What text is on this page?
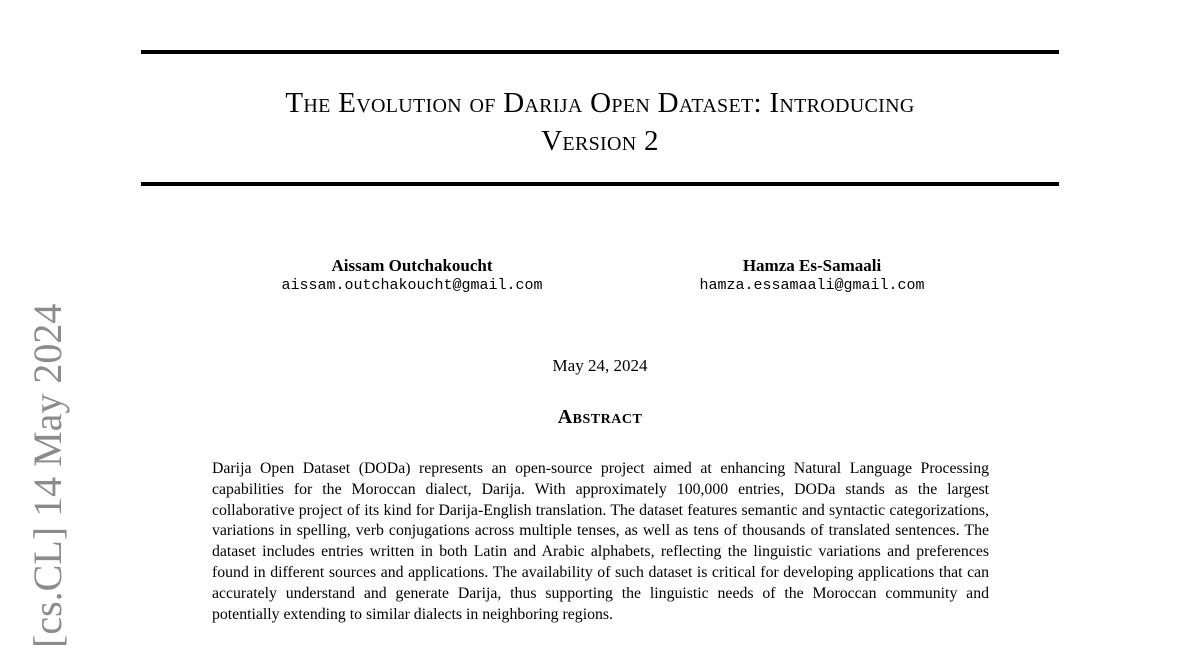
[cs.CL] 14 May 2024
The Evolution of Darija Open Dataset: Introducing
Version 2
Aissam Outchakoucht
aissam.outchakoucht@gmail.com
Hamza Es-Samaali
hamza.essamaali@gmail.com
May 24, 2024
Abstract

Darija Open Dataset (DODa) represents an open-source project aimed at enhancing Natural Language Processing capabilities for the Moroccan dialect, Darija. With approximately 100,000 entries, DODa stands as the largest collaborative project of its kind for Darija-English translation. The dataset features semantic and syntactic categorizations, variations in spelling, verb conjugations across multiple tenses, as well as tens of thousands of translated sentences. The dataset includes entries written in both Latin and Arabic alphabets, reflecting the linguistic variations and preferences found in different sources and applications. The availability of such dataset is critical for developing applications that can accurately understand and generate Darija, thus supporting the linguistic needs of the Moroccan community and potentially extending to similar dialects in neighboring regions.
